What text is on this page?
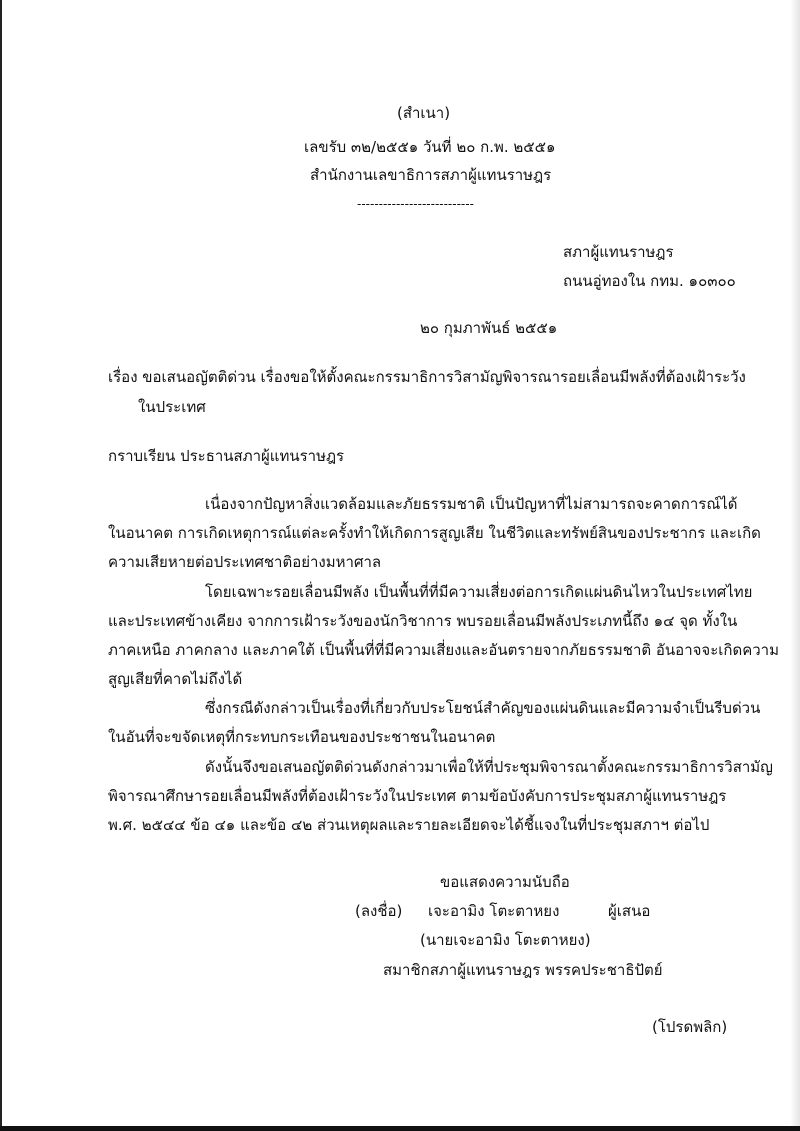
(สำเนา)
เลขรับ ๓๒/๒๕๕๑ วันที่ ๒๐ ก.พ. ๒๕๕๑
สำนักงานเลขาธิการสภาผู้แทนราษฎร
---------------------------
สภาผู้แทนราษฎร
ถนนอู่ทองใน กทม. ๑๐๓๐๐
๒๐ กุมภาพันธ์ ๒๕๕๑
เรื่อง ขอเสนอญัตติด่วน เรื่องขอให้ตั้งคณะกรรมาธิการวิสามัญพิจารณารอยเลื่อนมีพลังที่ต้องเฝ้าระวัง
ในประเทศ
กราบเรียน ประธานสภาผู้แทนราษฎร
เนื่องจากปัญหาสิ่งแวดล้อมและภัยธรรมชาติ เป็นปัญหาที่ไม่สามารถจะคาดการณ์ได้
ในอนาคต การเกิดเหตุการณ์แต่ละครั้งทำให้เกิดการสูญเสีย ในชีวิตและทรัพย์สินของประชากร และเกิด
ความเสียหายต่อประเทศชาติอย่างมหาศาล
โดยเฉพาะรอยเลื่อนมีพลัง เป็นพื้นที่ที่มีความเสี่ยงต่อการเกิดแผ่นดินไหวในประเทศไทย
และประเทศข้างเคียง จากการเฝ้าระวังของนักวิชาการ พบรอยเลื่อนมีพลังประเภทนี้ถึง ๑๔ จุด ทั้งใน
ภาคเหนือ ภาคกลาง และภาคใต้ เป็นพื้นที่ที่มีความเสี่ยงและอันตรายจากภัยธรรมชาติ อันอาจจะเกิดความ
สูญเสียที่คาดไม่ถึงได้
ซึ่งกรณีดังกล่าวเป็นเรื่องที่เกี่ยวกับประโยชน์สำคัญของแผ่นดินและมีความจำเป็นรีบด่วน
ในอันที่จะขจัดเหตุที่กระทบกระเทือนของประชาชนในอนาคต
ดังนั้นจึงขอเสนอญัตติด่วนดังกล่าวมาเพื่อให้ที่ประชุมพิจารณาตั้งคณะกรรมาธิการวิสามัญ
พิจารณาศึกษารอยเลื่อนมีพลังที่ต้องเฝ้าระวังในประเทศ ตามข้อบังคับการประชุมสภาผู้แทนราษฎร
พ.ศ. ๒๕๔๔ ข้อ ๔๑ และข้อ ๔๒ ส่วนเหตุผลและรายละเอียดจะได้ชี้แจงในที่ประชุมสภาฯ ต่อไป
ขอแสดงความนับถือ
(ลงชื่อ) เจะอามิง โตะตาหยง	ผู้เสนอ
(นายเจะอามิง โตะตาหยง)
สมาชิกสภาผู้แทนราษฎร พรรคประชาธิปัตย์
(โปรดพลิก)
